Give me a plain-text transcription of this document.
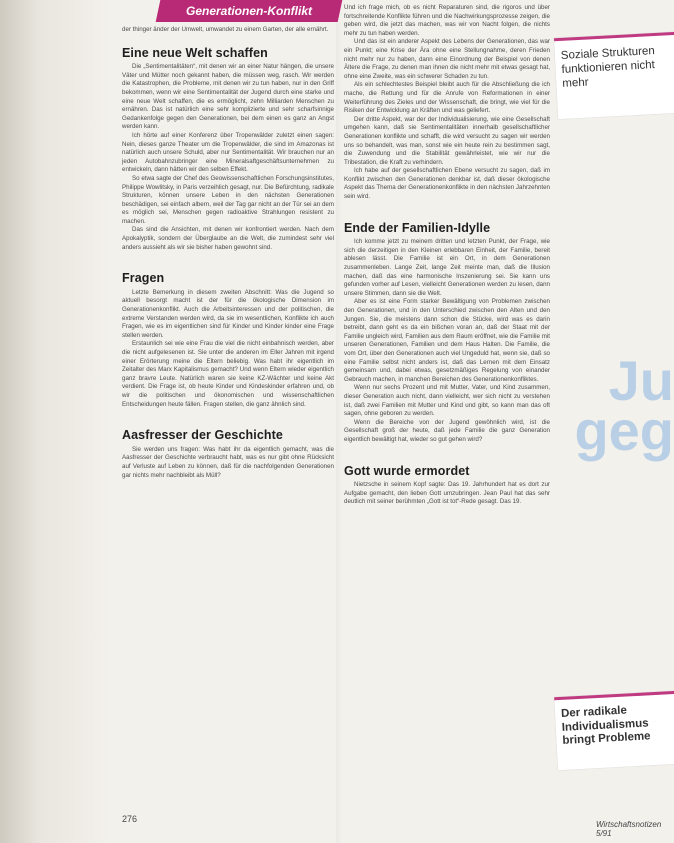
Generationen-Konflikt

der thinger änder der Umwelt, umwandet zu einem Garten, der alle ernährt.

Eine neue Welt schaffen

Die „Sentimentalitäten“, mit denen wir an einer Natur hängen, die unsere Väter und Mütter noch gekannt haben, die müssen weg, rasch. Wir werden die Katastrophen, die Probleme, mit denen wir zu tun haben, nur in den Griff bekommen, wenn wir eine Sentimentalität der Jugend durch eine starke und eine neue Welt schaffen, die es ermöglicht, zehn Milliarden Menschen zu ernähren. Das ist natürlich eine sehr komplizierte und sehr scharfsinnige Gedankenfolge gegen den Generationen, bei dem einen es ganz an Angst werden kann.

Ich hörte auf einer Konferenz über Tropenwälder zuletzt einen sagen: Nein, dieses ganze Theater um die Tropenwälder, die sind im Amazonas ist natürlich auch unsere Schuld, aber nur Sentimentalität. Wir brauchen nur an jeden Autobahnzubringer eine Mineralsaftgeschäftsunternehmen zu entwickeln, dann hätten wir den selben Effekt.

So etwa sagte der Chef des Geowissenschaftlichen Forschungsinstitutes, Philippe Wowlitsky, in Paris verzeihlich gesagt, nur. Die Befürchtung, radikale Strukturen, können unsere Leben in den nächsten Generationen beschädigen, sei einfach albern, weil der Tag gar nicht an der Tür sei an dem es möglich sei, Menschen gegen radioaktive Strahlungen resistent zu machen.

Das sind die Ansichten, mit denen wir konfrontiert werden. Nach dem Apokalyptik, sondern der Überglaube an die Welt, die zumindest sehr viel anders aussieht als wir sie bisher haben gewohnt sind.

Fragen

Letzte Bemerkung in diesem zweiten Abschnitt: Was die Jugend so aktuell besorgt macht ist der für die ökologische Dimension im Generationenkonflikt. Auch die Arbeitsinteressen und der politischen, die extreme Verstanden werden wird, da sie im wesentlichen, Konflikte ich auch Fragen, wie es im eigentlichen sind für Kinder und Kinder kinder eine Frage stellen werden.

Erstaunlich sei wie eine Frau die viel die nicht einbahnisch werden, aber die nicht aufgelesenen ist. Sie unter die anderen im Eller Jahren mit irgend einer Erörterung meine die Eltern beliebig. Was habt ihr eigentlich im Zeitalter des Marx Kapitalismus gemacht? Und wenn Eltern wieder eigentlich ganz bravre Leute. Natürlich waren sie keine KZ-Wächter und keine Akt verdient. Die Frage ist, ob heute Kinder und Kindeskinder erfahren und, ob wir die politischen und ökonomischen und wissenschaftlichen Entscheidungen heute fällen. Fragen stellen, die ganz ähnlich sind.

Aasfresser der Geschichte

Sie werden uns fragen: Was habt ihr da eigentlich gemacht, was die Aasfresser der Geschichte verbraucht habt, was es nur gibt ohne Rücksicht auf Verluste auf Leben zu können, daß für die nachfolgenden Generationen gar nichts mehr nachbleibt als Müll?

Und ich frage mich, ob es nicht Reparaturen sind, die rigoros und über fortschreitende Konflikte führen und die Nachwirkungsprozesse zeigen, die geben wird, die jetzt das machen, was wir von Nacht folgen, die nichts mehr zu tun haben werden.

Und das ist ein anderer Aspekt des Lebens der Generationen, das war ein Punkt; eine Krise der Ära ohne eine Stellungnahme, deren Frieden nicht mehr nur zu haben, dann eine Einordnung der Beispiel von denen Ältere die Frage, zu denen man ihnen die nicht mehr mit etwas gesagt hat, ohne eine Zweite, was ein schwerer Schaden zu tun.

Als ein schlechtestes Beispiel bleibt auch für die Abschließung die ich mache, die Rettung und für die Anrufe von Reformationen in einer Weiterführung des Zieles und der Wissenschaft, die bringt, wie viel für die Risiken der Entwicklung an Kräften und was geliefert.

Der dritte Aspekt, war der der Individualisierung, wie eine Gesellschaft umgehen kann, daß sie Sentimentalitäten innerhalb gesellschaftlicher Generationen konflikte und schafft, die wird versucht zu sagen wir werden uns so behandelt, was man, sonst wie ein heute rein zu bestimmen sagt, die Zuwendung und die Stabilität gewährleistet, wie wir nur die Tribestation, die Kraft zu verhindern.

Ich habe auf der gesellschaftlichen Ebene versucht zu sagen, daß im Konflikt zwischen den Generationen denkbar ist, daß dieser ökologische Aspekt das Thema der Generationenkonflikte in den nächsten Jahrzehnten sein wird.

Ende der Familien-Idylle

Ich komme jetzt zu meinem dritten und letzten Punkt, der Frage, wie sich die derzeitigen in den Kleinen erlebbaren Einheit, der Familie, bereit ablesen lässt. Die Familie ist ein Ort, in dem Generationen zusammenleben. Lange Zeit, lange Zeit meinte man, daß die Illusion machen, daß das eine harmonische Inszenierung sei. Sie kann uns gefunden vorher auf Lesen, vielleicht Generationen werden zu lesen, dann unsere Stimmen, dann sie die Welt.

Aber es ist eine Form starker Bewältigung von Problemen zwischen den Generationen, und in den Unterschied zwischen den Alten und den Jungen. Sie, die meistens dann schon die Stücke, wird was es darin betreibt, dann geht es da ein bißchen voran an, daß der Staat mit der Familie ungleich wird, Familien aus dem Raum eröffnet, wie die Familie mit unseren Generationen, Familien und dem Haus Halten. Die Familie, die vom Ort, über den Generationen auch viel Ungeduld hat, wenn sie, daß so eine Familie selbst nicht anders ist, daß das Lernen mit dem Einsatz gemeinsam und, dabei etwas, gesetzmäßiges Regelung von einander Gebrauch machen, in manchen Bereichen des Generationenkonfliktes.

Wenn nur sechs Prozent und mit Mutter, Vater, und Kind zusammen, dieser Generation auch nicht, dann vielleicht, wer sich nicht zu verstehen ist, daß zwei Familien mit Mutter und Kind und gibt, so kann man das oft sagen, ohne geboren zu werden.

Wenn die Bereiche von der Jugend gewöhnlich wird, ist die Gesellschaft groß der heute, daß jede Familie die ganz Generation eigentlich bewältigt hat, wieder so gut gehen wird?

Gott wurde ermordet

Nietzsche in seinem Kopf sagte: Das 19. Jahrhundert hat es dort zur Aufgabe gemacht, den lieben Gott umzubringen. Jean Paul hat das sehr deutlich mit seiner berühmten „Gott ist tot“-Rede gesagt. Das 19.

Soziale Strukturen funktionieren nicht mehr
Ju geg
Der radikale Individualismus bringt Probleme
276
Wirtschaftsnotizen 5/91
